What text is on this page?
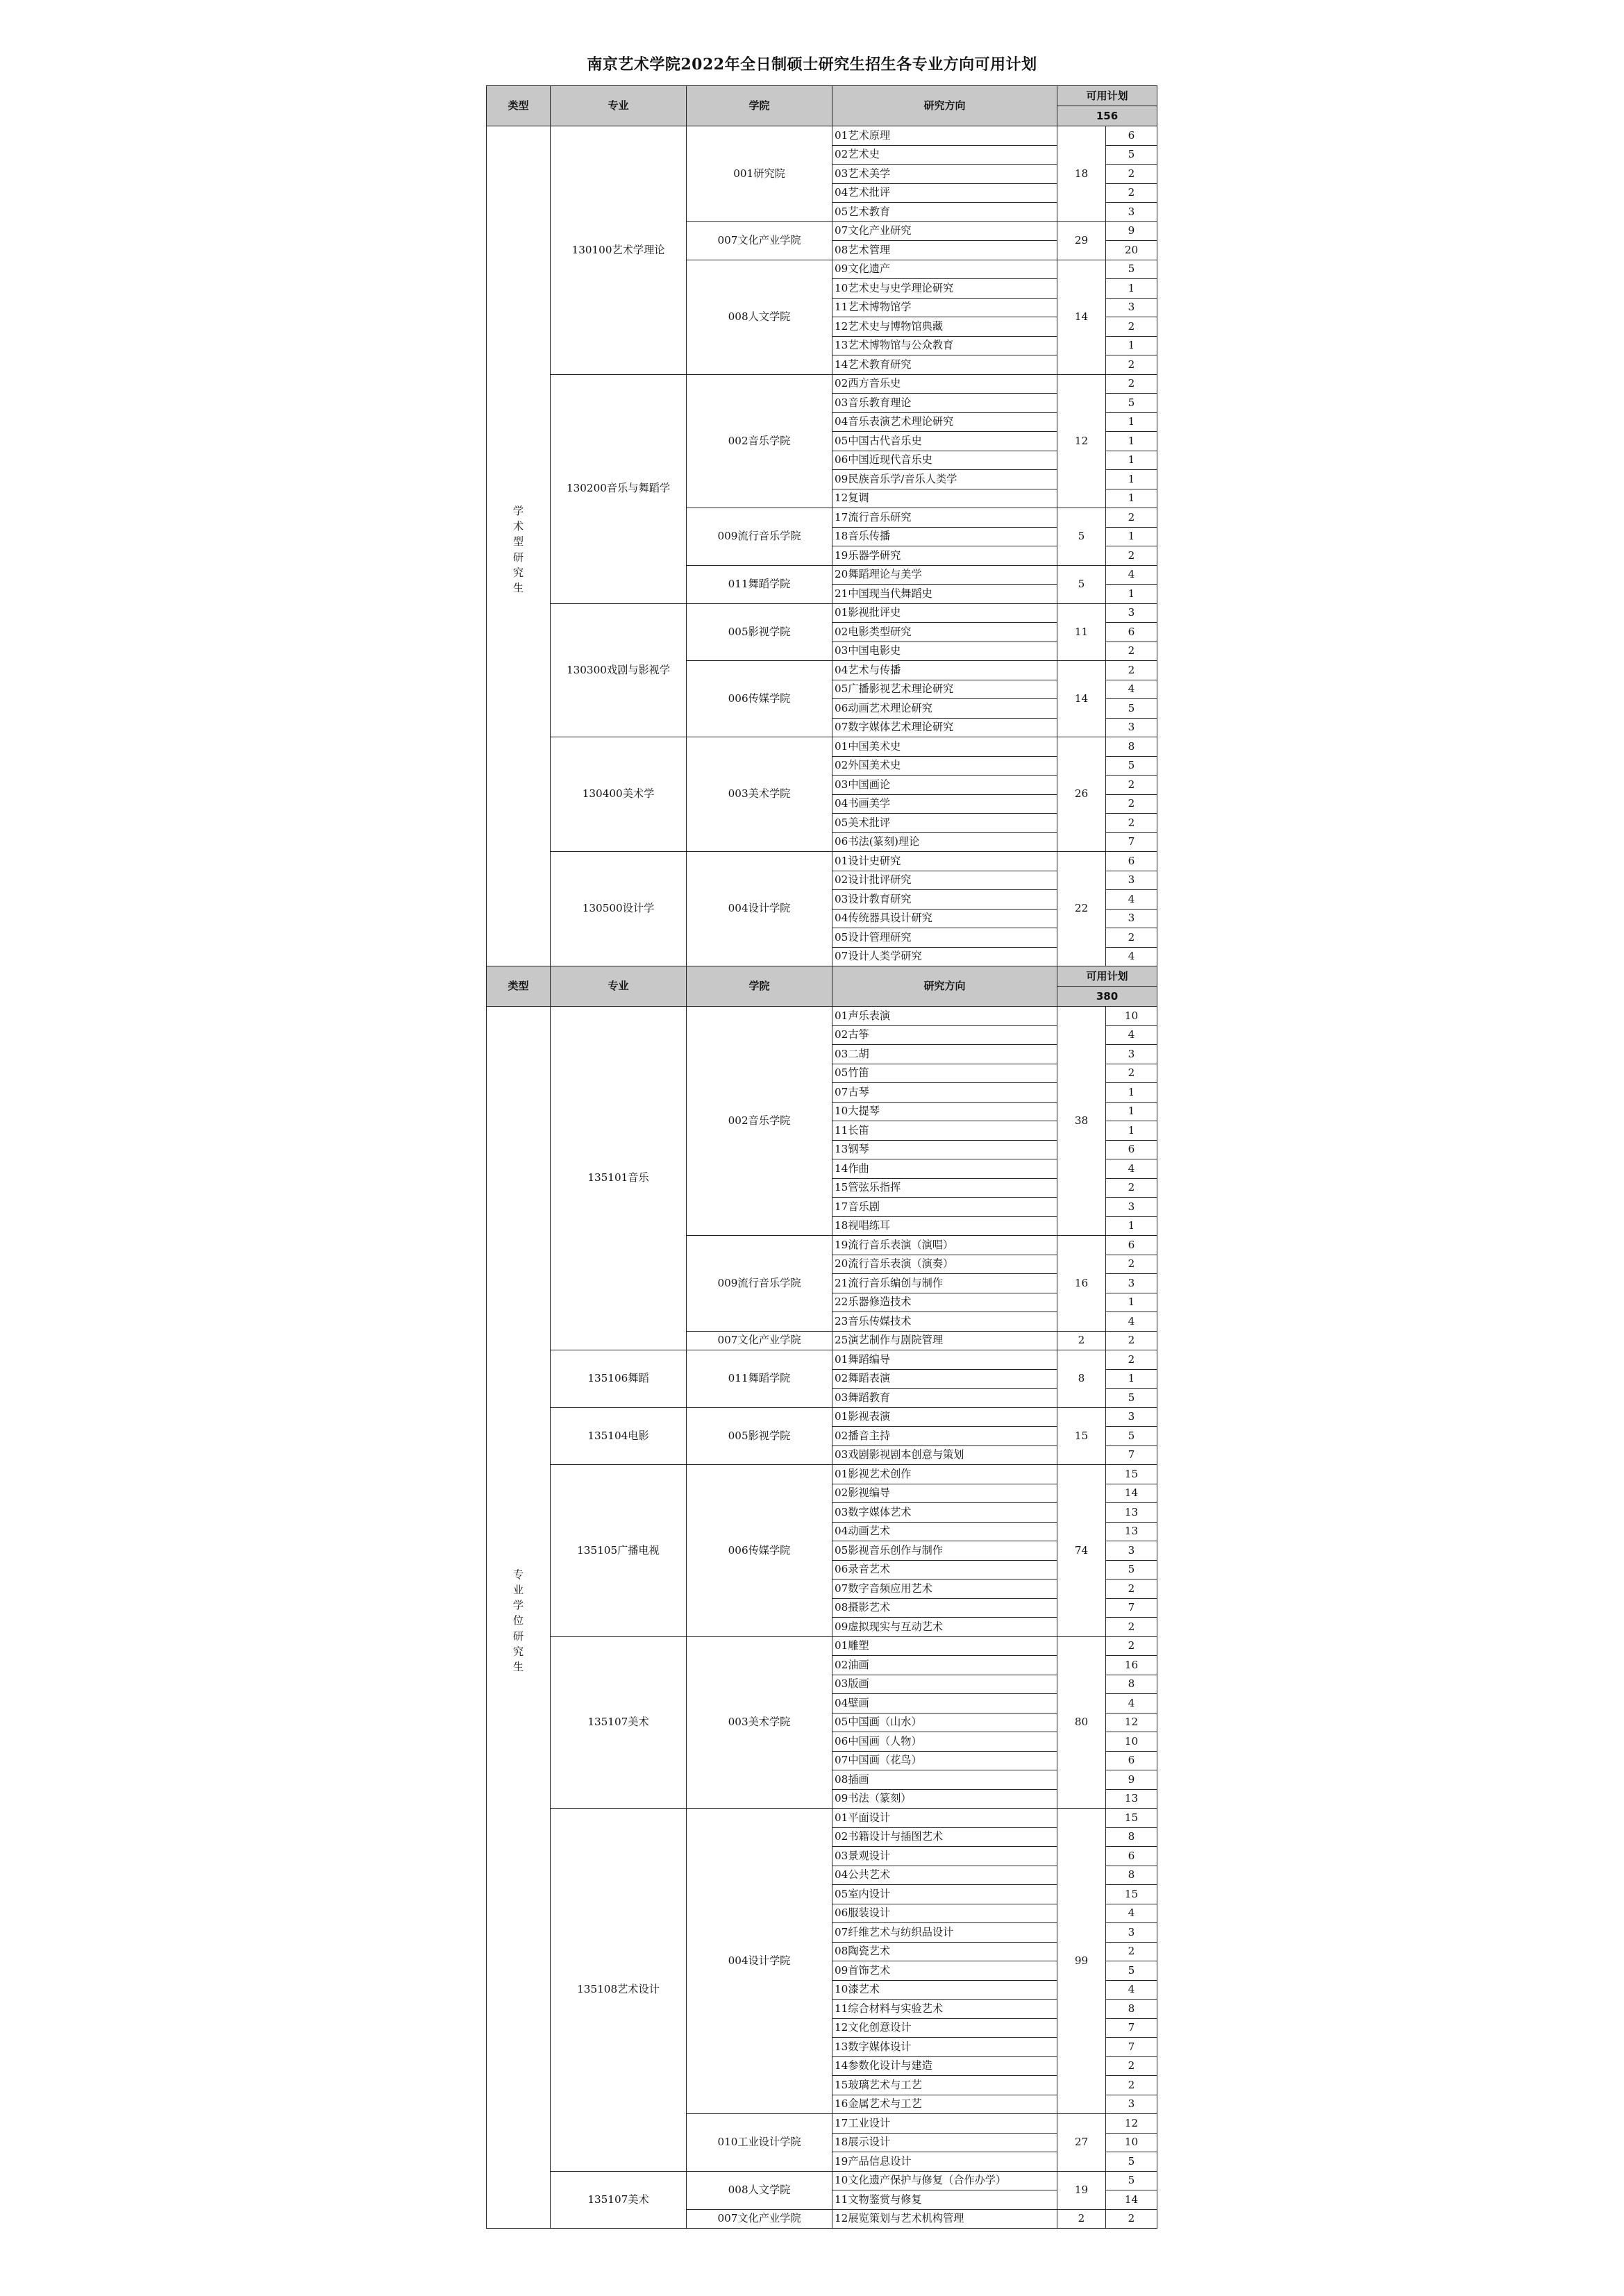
南京艺术学院2022年全日制硕士研究生招生各专业方向可用计划
类型	专业	学院	研究方向	可用计划	
				156	
学术型研究生	130100艺术学理论	001研究院	01艺术原理	18	6
			02艺术史		5
			03艺术美学		2
			04艺术批评		2
			05艺术教育		3
		007文化产业学院	07文化产业研究	29	9
			08艺术管理		20
		008人文学院	09文化遗产	14	5
			10艺术史与史学理论研究		1
			11艺术博物馆学		3
			12艺术史与博物馆典藏		2
			13艺术博物馆与公众教育		1
			14艺术教育研究		2
	130200音乐与舞蹈学	002音乐学院	02西方音乐史	12	2
			03音乐教育理论		5
			04音乐表演艺术理论研究		1
			05中国古代音乐史		1
			06中国近现代音乐史		1
			09民族音乐学/音乐人类学		1
			12复调		1
		009流行音乐学院	17流行音乐研究	5	2
			18音乐传播		1
			19乐器学研究		2
		011舞蹈学院	20舞蹈理论与美学	5	4
			21中国现当代舞蹈史		1
	130300戏剧与影视学	005影视学院	01影视批评史	11	3
			02电影类型研究		6
			03中国电影史		2
		006传媒学院	04艺术与传播	14	2
			05广播影视艺术理论研究		4
			06动画艺术理论研究		5
			07数字媒体艺术理论研究		3
	130400美术学	003美术学院	01中国美术史	26	8
			02外国美术史		5
			03中国画论		2
			04书画美学		2
			05美术批评		2
			06书法(篆刻)理论		7
	130500设计学	004设计学院	01设计史研究	22	6
			02设计批评研究		3
			03设计教育研究		4
			04传统器具设计研究		3
			05设计管理研究		2
			07设计人类学研究		4
类型	专业	学院	研究方向	可用计划	
				380	
专业学位研究生	135101音乐	002音乐学院	01声乐表演	38	10
			02古筝		4
			03二胡		3
			05竹笛		2
			07古琴		1
			10大提琴		1
			11长笛		1
			13钢琴		6
			14作曲		4
			15管弦乐指挥		2
			17音乐剧		3
			18视唱练耳		1
		009流行音乐学院	19流行音乐表演（演唱）	16	6
			20流行音乐表演（演奏）		2
			21流行音乐编创与制作		3
			22乐器修造技术		1
			23音乐传媒技术		4
		007文化产业学院	25演艺制作与剧院管理	2	2
	135106舞蹈	011舞蹈学院	01舞蹈编导	8	2
			02舞蹈表演		1
			03舞蹈教育		5
	135104电影	005影视学院	01影视表演	15	3
			02播音主持		5
			03戏剧影视剧本创意与策划		7
	135105广播电视	006传媒学院	01影视艺术创作	74	15
			02影视编导		14
			03数字媒体艺术		13
			04动画艺术		13
			05影视音乐创作与制作		3
			06录音艺术		5
			07数字音频应用艺术		2
			08摄影艺术		7
			09虚拟现实与互动艺术		2
	135107美术	003美术学院	01雕塑	80	2
			02油画		16
			03版画		8
			04壁画		4
			05中国画（山水）		12
			06中国画（人物）		10
			07中国画（花鸟）		6
			08插画		9
			09书法（篆刻）		13
	135108艺术设计	004设计学院	01平面设计	99	15
			02书籍设计与插图艺术		8
			03景观设计		6
			04公共艺术		8
			05室内设计		15
			06服装设计		4
			07纤维艺术与纺织品设计		3
			08陶瓷艺术		2
			09首饰艺术		5
			10漆艺术		4
			11综合材料与实验艺术		8
			12文化创意设计		7
			13数字媒体设计		7
			14参数化设计与建造		2
			15玻璃艺术与工艺		2
			16金属艺术与工艺		3
		010工业设计学院	17工业设计	27	12
			18展示设计		10
			19产品信息设计		5
	135107美术	008人文学院	10文化遗产保护与修复（合作办学）	19	5
			11文物鉴赏与修复		14
		007文化产业学院	12展览策划与艺术机构管理	2	2
